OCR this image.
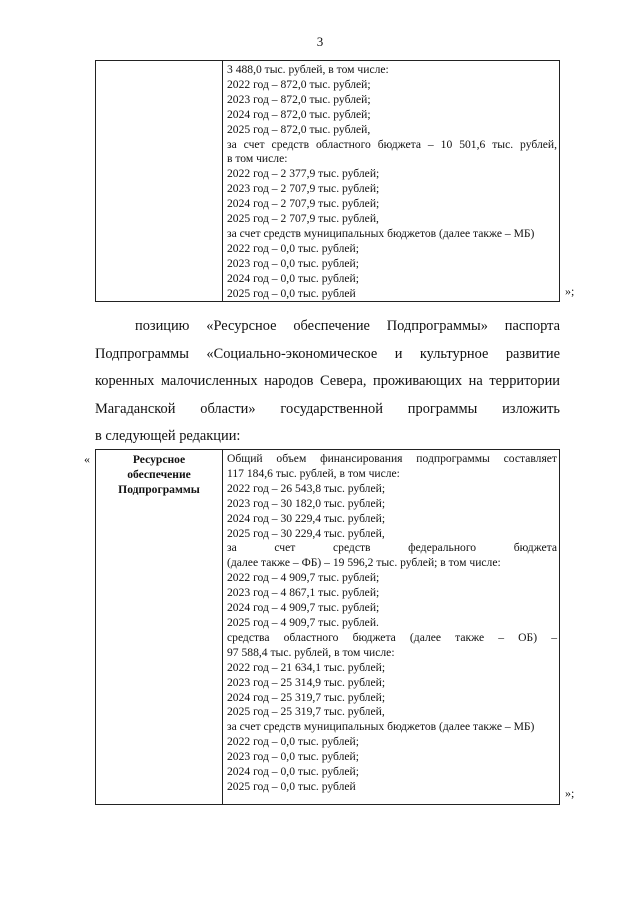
3

3 488,0 тыс. рублей, в том числе:
2022 год – 872,0 тыс. рублей;
2023 год – 872,0 тыс. рублей;
2024 год – 872,0 тыс. рублей;
2025 год – 872,0 тыс. рублей,
за счет средств областного бюджета – 10 501,6 тыс. рублей,
в том числе:
2022 год – 2 377,9 тыс. рублей;
2023 год – 2 707,9 тыс. рублей;
2024 год – 2 707,9 тыс. рублей;
2025 год – 2 707,9 тыс. рублей,
за счет средств муниципальных бюджетов (далее также – МБ)
2022 год – 0,0 тыс. рублей;
2023 год – 0,0 тыс. рублей;
2024 год – 0,0 тыс. рублей;
2025 год – 0,0 тыс. рублей	»;
позицию «Ресурсное обеспечение Подпрограммы» паспорта
Подпрограммы «Социально-экономическое и культурное развитие
коренных малочисленных народов Севера, проживающих на территории
Магаданской области» государственной программы изложить
в следующей редакции:
«	Ресурсное
обеспечение
Подпрограммы

Общий объем финансирования подпрограммы составляет
117 184,6 тыс. рублей, в том числе:
2022 год – 26 543,8 тыс. рублей;
2023 год – 30 182,0 тыс. рублей;
2024 год – 30 229,4 тыс. рублей;
2025 год – 30 229,4 тыс. рублей,
за счет средств федерального бюджета
(далее также – ФБ) – 19 596,2 тыс. рублей; в том числе:
2022 год – 4 909,7 тыс. рублей;
2023 год – 4 867,1 тыс. рублей;
2024 год – 4 909,7 тыс. рублей;
2025 год – 4 909,7 тыс. рублей.
средства областного бюджета (далее также – ОБ) –
97 588,4 тыс. рублей, в том числе:
2022 год – 21 634,1 тыс. рублей;
2023 год – 25 314,9 тыс. рублей;
2024 год – 25 319,7 тыс. рублей;
2025 год – 25 319,7 тыс. рублей,
за счет средств муниципальных бюджетов (далее также – МБ)
2022 год – 0,0 тыс. рублей;
2023 год – 0,0 тыс. рублей;
2024 год – 0,0 тыс. рублей;
2025 год – 0,0 тыс. рублей	»;
